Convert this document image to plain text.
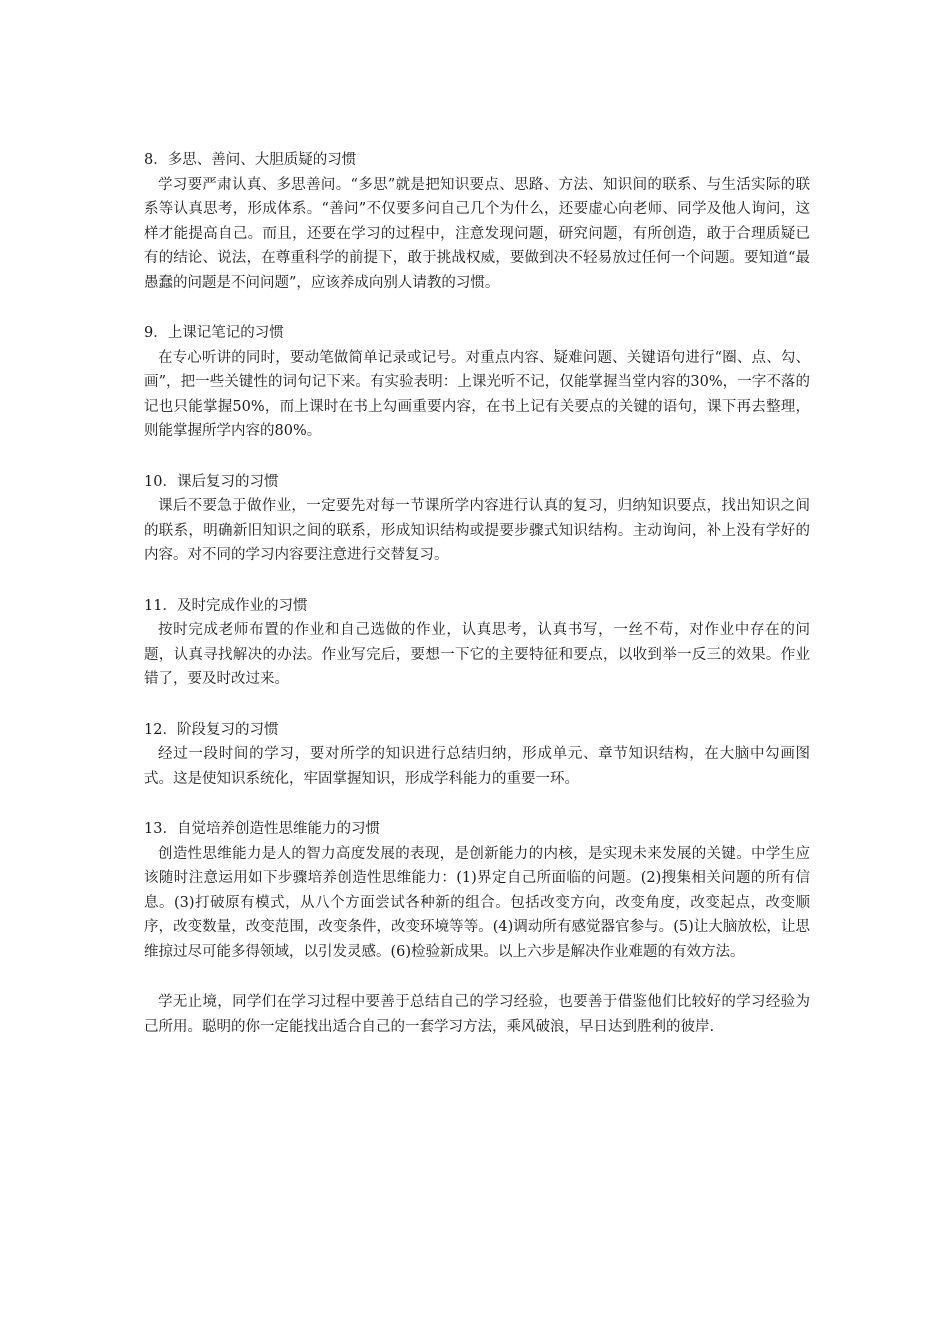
8．多思、善问、大胆质疑的习惯

学习要严肃认真、多思善问。“多思”就是把知识要点、思路、方法、知识间的联系、与生活实际的联系等认真思考，形成体系。“善问”不仅要多问自己几个为什么，还要虚心向老师、同学及他人询问，这样才能提高自己。而且，还要在学习的过程中，注意发现问题，研究问题，有所创造，敢于合理质疑已有的结论、说法，在尊重科学的前提下，敢于挑战权威，要做到决不轻易放过任何一个问题。要知道“最愚蠢的问题是不问问题”，应该养成向别人请教的习惯。

9．上课记笔记的习惯

在专心听讲的同时，要动笔做简单记录或记号。对重点内容、疑难问题、关键语句进行“圈、点、勾、画”，把一些关键性的词句记下来。有实验表明：上课光听不记，仅能掌握当堂内容的30%，一字不落的记也只能掌握50%，而上课时在书上勾画重要内容，在书上记有关要点的关键的语句，课下再去整理，则能掌握所学内容的80%。

10．课后复习的习惯

课后不要急于做作业，一定要先对每一节课所学内容进行认真的复习，归纳知识要点，找出知识之间的联系，明确新旧知识之间的联系，形成知识结构或提要步骤式知识结构。主动询问，补上没有学好的内容。对不同的学习内容要注意进行交替复习。

11．及时完成作业的习惯

按时完成老师布置的作业和自己选做的作业，认真思考，认真书写，一丝不苟，对作业中存在的问题，认真寻找解决的办法。作业写完后，要想一下它的主要特征和要点，以收到举一反三的效果。作业错了，要及时改过来。

12．阶段复习的习惯

经过一段时间的学习，要对所学的知识进行总结归纳，形成单元、章节知识结构，在大脑中勾画图式。这是使知识系统化，牢固掌握知识，形成学科能力的重要一环。

13．自觉培养创造性思维能力的习惯

创造性思维能力是人的智力高度发展的表现，是创新能力的内核，是实现未来发展的关键。中学生应该随时注意运用如下步骤培养创造性思维能力：(1)界定自己所面临的问题。(2)搜集相关问题的所有信息。(3)打破原有模式，从八个方面尝试各种新的组合。包括改变方向，改变角度，改变起点，改变顺序，改变数量，改变范围，改变条件，改变环境等等。(4)调动所有感觉器官参与。(5)让大脑放松，让思维掠过尽可能多得领域，以引发灵感。(6)检验新成果。以上六步是解决作业难题的有效方法。

学无止境，同学们在学习过程中要善于总结自己的学习经验，也要善于借鉴他们比较好的学习经验为己所用。聪明的你一定能找出适合自己的一套学习方法，乘风破浪，早日达到胜利的彼岸.
